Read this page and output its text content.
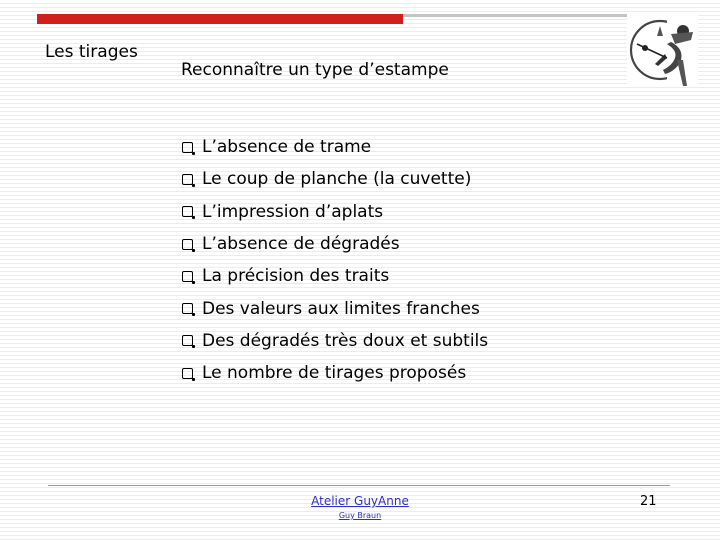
Les tirages
Reconnaître un type d’estampe
L’absence de trame
Le coup de planche (la cuvette)
L’impression d’aplats
L’absence de dégradés
La précision des traits
Des valeurs aux limites franches
Des dégradés très doux et subtils
Le nombre de tirages proposés
Atelier GuyAnne
Guy Braun
21
